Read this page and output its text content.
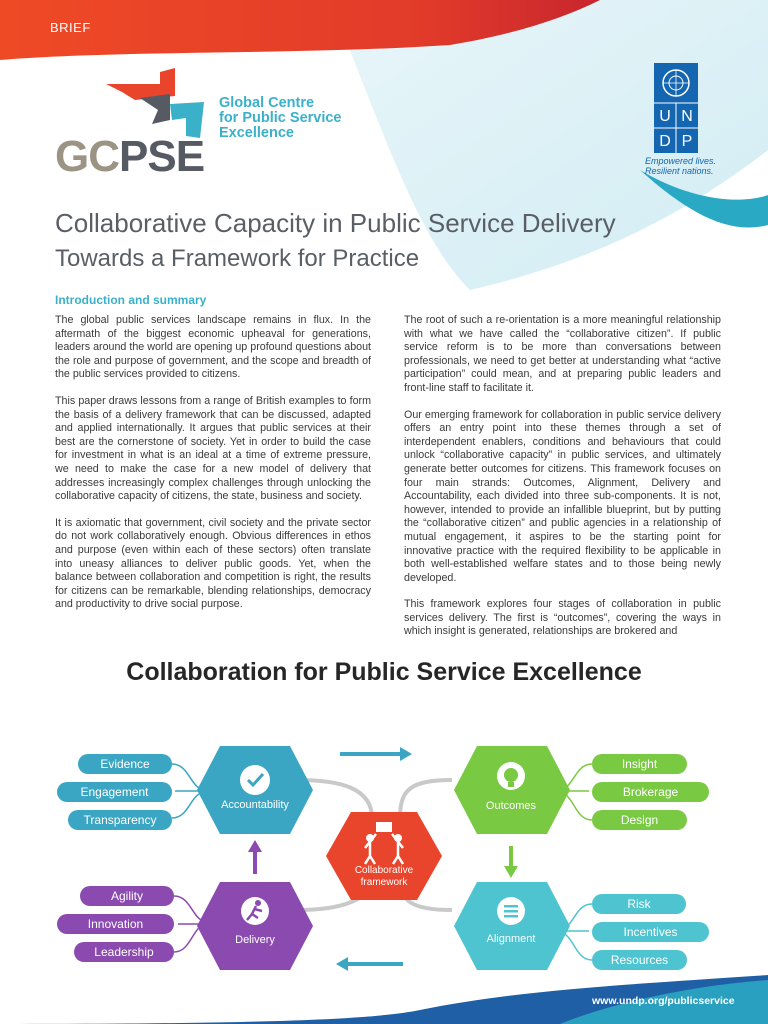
BRIEF
Global Centre
for Public Service
Excellence
GCPSE
U N
D P
Empowered lives.
Resilient nations.
Collaborative Capacity in Public Service Delivery
Towards a Framework for Practice
Introduction and summary

The global public services landscape remains in flux. In the aftermath of the biggest economic upheaval for generations, leaders around the world are opening up profound questions about the role and purpose of government, and the scope and breadth of the public services provided to citizens.

This paper draws lessons from a range of British examples to form the basis of a delivery framework that can be discussed, adapted and applied internationally. It argues that public services at their best are the cornerstone of society. Yet in order to build the case for investment in what is an ideal at a time of extreme pressure, we need to make the case for a new model of delivery that addresses increasingly complex challenges through unlocking the collaborative capacity of citizens, the state, business and society.

It is axiomatic that government, civil society and the private sector do not work collaboratively enough. Obvious differences in ethos and purpose (even within each of these sectors) often translate into uneasy alliances to deliver public goods. Yet, when the balance between collaboration and competition is right, the results for citizens can be remarkable, blending relationships, democracy and productivity to drive social purpose.

The root of such a re-orientation is a more meaningful relationship with what we have called the “collaborative citizen”. If public service reform is to be more than conversations between professionals, we need to get better at understanding what “active participation” could mean, and at preparing public leaders and front-line staff to facilitate it.

Our emerging framework for collaboration in public service delivery offers an entry point into these themes through a set of interdependent enablers, conditions and behaviours that could unlock “collaborative capacity” in public services, and ultimately generate better outcomes for citizens. This framework focuses on four main strands: Outcomes, Alignment, Delivery and Accountability, each divided into three sub-components. It is not, however, intended to provide an infallible blueprint, but by putting the “collaborative citizen” and public agencies in a relationship of mutual engagement, it aspires to be the starting point for innovative practice with the required flexibility to be applicable in both well-established welfare states and to those being newly developed.

This framework explores four stages of collaboration in public services delivery. The first is “outcomes”, covering the ways in which insight is generated, relationships are brokered and

Collaboration for Public Service Excellence
Accountability	Outcomes
Delivery	Alignment
Collaborative
framework
Evidence
Engagement
Transparency
Insight
Brokerage
Design
Agility
Innovation
Leadership
Risk
Incentives
Resources
www.undp.org/publicservice
